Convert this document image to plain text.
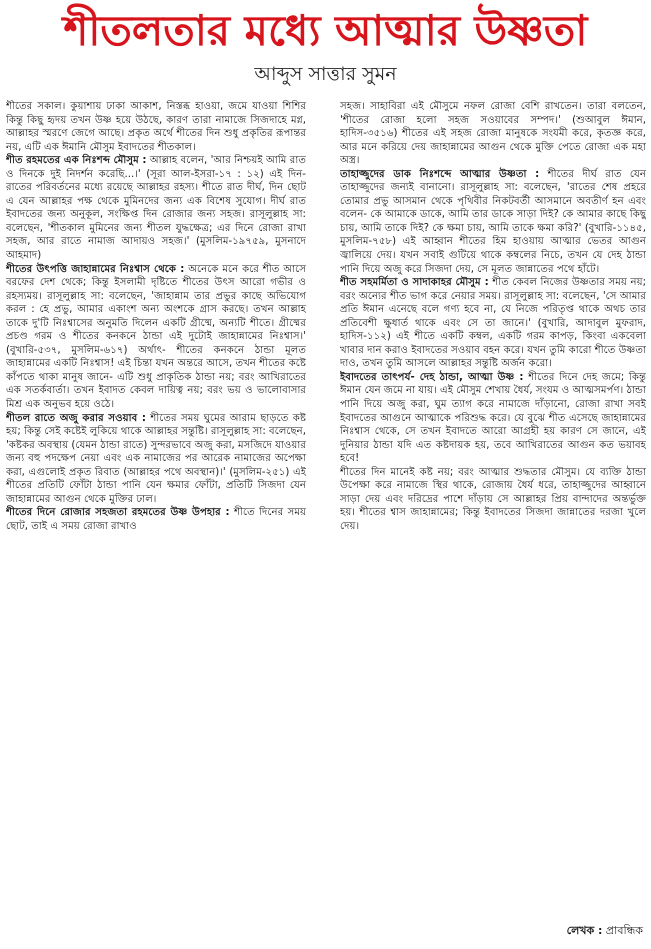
শীতলতার মধ্যে আত্মার উষ্ণতা
আব্দুস সাত্তার সুমন

শীতের সকাল। কুয়াশায় ঢাকা আকাশ, নিস্তব্ধ হাওয়া, জমে যাওয়া শিশির কিন্তু কিছু হৃদয় তখন উষ্ণ হয়ে উঠছে, কারণ তারা নামাজে সিজদাহে মগ্ন, আল্লাহর স্মরণে জেগে আছে। প্রকৃত অর্থে শীতের দিন শুধু প্রকৃতির রূপান্তর নয়, এটি এক ঈমানি মৌসুম ইবাদতের শীতকাল।

শীত রহমতের এক নিঃশব্দ মৌসুম : আল্লাহ বলেন, 'আর নিশ্চয়ই আমি রাত ও দিনকে দুই নিদর্শন করেছি...।' (সূরা আল-ইসরা-১৭ : ১২) এই দিন-রাতের পরিবর্তনের মধ্যে রয়েছে আল্লাহর রহস্য। শীতে রাত দীর্ঘ, দিন ছোট এ যেন আল্লাহর পক্ষ থেকে মুমিনদের জন্য এক বিশেষ সুযোগ। দীর্ঘ রাত ইবাদতের জন্য অনুকূল, সংক্ষিপ্ত দিন রোজার জন্য সহজ। রাসূলুল্লাহ সা: বলেছেন, 'শীতকাল মুমিনের জন্য শীতল যুদ্ধক্ষেত্র; এর দিনে রোজা রাখা সহজ, আর রাতে নামাজ আদায়ও সহজ।' (মুসলিম-১৯৭৫৯, মুসনাদে আহমাদ)

শীতের উৎপত্তি জাহান্নামের নিঃশ্বাস থেকে : অনেকে মনে করে শীত আসে বরফের দেশ থেকে; কিন্তু ইসলামী দৃষ্টিতে শীতের উৎস আরো গভীর ও রহস্যময়। রাসূলুল্লাহ সা: বলেছেন, 'জাহান্নাম তার প্রভুর কাছে অভিযোগ করল : হে প্রভু, আমার একাংশ অন্য অংশকে গ্রাস করছে। তখন আল্লাহ তাকে দু'টি নিঃশ্বাসের অনুমতি দিলেন একটি গ্রীষ্মে, অন্যটি শীতে। গ্রীষ্মের প্রচণ্ড গরম ও শীতের কনকনে ঠান্ডা এই দুটোই জাহান্নামের নিঃশ্বাস।' (বুখারি-৫৩৭, মুসলিম-৬১৭) অর্থাৎ- শীতের কনকনে ঠান্ডা মূলত জাহান্নামের একটি নিঃশ্বাস! এই চিন্তা যখন অন্তরে আসে, তখন শীতের কষ্টে কাঁপতে থাকা মানুষ জানে- এটি শুধু প্রাকৃতিক ঠান্ডা নয়; বরং আখিরাতের এক সতর্কবার্তা। তখন ইবাদত কেবল দায়িত্ব নয়; বরং ভয় ও ভালোবাসার মিশ্র এক অনুভব হয়ে ওঠে।

শীতল রাতে অজু করার সওয়াব : শীতের সময় ঘুমের আরাম ছাড়তে কষ্ট হয়; কিন্তু সেই কষ্টেই লুকিয়ে থাকে আল্লাহর সন্তুষ্টি। রাসূলুল্লাহ সা: বলেছেন, 'কষ্টকর অবস্থায় (যেমন ঠান্ডা রাতে) সুন্দরভাবে অজু করা, মসজিদে যাওয়ার জন্য বহু পদক্ষেপ নেয়া এবং এক নামাজের পর আরেক নামাজের অপেক্ষা করা, এগুলোই প্রকৃত রিবাত (আল্লাহর পথে অবস্থান)।' (মুসলিম-২৫১) এই শীতের প্রতিটি ফোঁটা ঠান্ডা পানি যেন ক্ষমার ফোঁটা, প্রতিটি সিজদা যেন জাহান্নামের আগুন থেকে মুক্তির ঢাল।

শীতের দিনে রোজার সহজতা রহমতের উষ্ণ উপহার : শীতে দিনের সময় ছোট, তাই এ সময় রোজা রাখাও

সহজ। সাহাবিরা এই মৌসুমে নফল রোজা বেশি রাখতেন। তারা বলতেন, 'শীতের রোজা হলো সহজ সওয়াবের সম্পদ।' (শুআবুল ঈমান, হাদিস-৩৫১৬) শীতের এই সহজ রোজা মানুষকে সংযমী করে, কৃতজ্ঞ করে, আর মনে করিয়ে দেয় জাহান্নামের আগুন থেকে মুক্তি পেতে রোজা এক মহা অস্ত্র।

তাহাজ্জুদের ডাক নিঃশব্দে আত্মার উষ্ণতা : শীতের দীর্ঘ রাত যেন তাহাজ্জুদের জন্যই বানানো। রাসূলুল্লাহ সা: বলেছেন, 'রাতের শেষ প্রহরে তোমার প্রভু আসমান থেকে পৃথিবীর নিকটবর্তী আসমানে অবতীর্ণ হন এবং বলেন- কে আমাকে ডাকে, আমি তার ডাকে সাড়া দিই? কে আমার কাছে কিছু চায়, আমি তাকে দিই? কে ক্ষমা চায়, আমি তাকে ক্ষমা করি?' (বুখারি-১১৪৫, মুসলিম-৭৫৮) এই আহ্বান শীতের হিম হাওয়ায় আত্মার ভেতর আগুন জ্বালিয়ে দেয়। যখন সবাই গুটিয়ে থাকে কম্বলের নিচে, তখন যে দেহ ঠান্ডা পানি দিয়ে অজু করে সিজদা দেয়, সে মূলত জান্নাতের পথে হাঁটে।

শীত সহমর্মিতা ও সাদাকাহর মৌসুম : শীত কেবল নিজের উষ্ণতার সময় নয়; বরং অন্যের শীত ভাগ করে নেয়ার সময়। রাসূলুল্লাহ সা: বলেছেন, 'সে আমার প্রতি ঈমান এনেছে বলে গণ্য হবে না, যে নিজে পরিতৃপ্ত থাকে অথচ তার প্রতিবেশী ক্ষুধার্ত থাকে এবং সে তা জানে।' (বুখারি, আদাবুল মুফরাদ, হাদিস-১১২) এই শীতে একটি কম্বল, একটি গরম কাপড়, কিংবা একবেলা খাবার দান করাও ইবাদতের সওয়াব বহন করে। যখন তুমি কারো শীতে উষ্ণতা দাও, তখন তুমি আসলে আল্লাহর সন্তুষ্টি অর্জন করো।

ইবাদতের তাৎপর্য- দেহ ঠান্ডা, আত্মা উষ্ণ : শীতের দিনে দেহ জমে; কিন্তু ঈমান যেন জমে না যায়। এই মৌসুম শেখায় ধৈর্য, সংযম ও আত্মসমর্পণ। ঠান্ডা পানি দিয়ে অজু করা, ঘুম ত্যাগ করে নামাজে দাঁড়ানো, রোজা রাখা সবই ইবাদতের আগুনে আত্মাকে পরিশুদ্ধ করে। যে বুঝে শীত এসেছে জাহান্নামের নিঃশ্বাস থেকে, সে তখন ইবাদতে আরো আগ্রহী হয় কারণ সে জানে, এই দুনিয়ার ঠান্ডা যদি এত কষ্টদায়ক হয়, তবে আখিরাতের আগুন কত ভয়াবহ হবে!

শীতের দিন মানেই কষ্ট নয়; বরং আত্মার শুদ্ধতার মৌসুম। যে ব্যক্তি ঠান্ডা উপেক্ষা করে নামাজে স্থির থাকে, রোজায় ধৈর্য ধরে, তাহাজ্জুদের আহ্বানে সাড়া দেয় এবং দরিদ্রের পাশে দাঁড়ায় সে আল্লাহর প্রিয় বান্দাদের অন্তর্ভুক্ত হয়। শীতের শ্বাস জাহান্নামের; কিন্তু ইবাদতের সিজদা জান্নাতের দরজা খুলে দেয়।

লেখক : প্রাবন্ধিক
